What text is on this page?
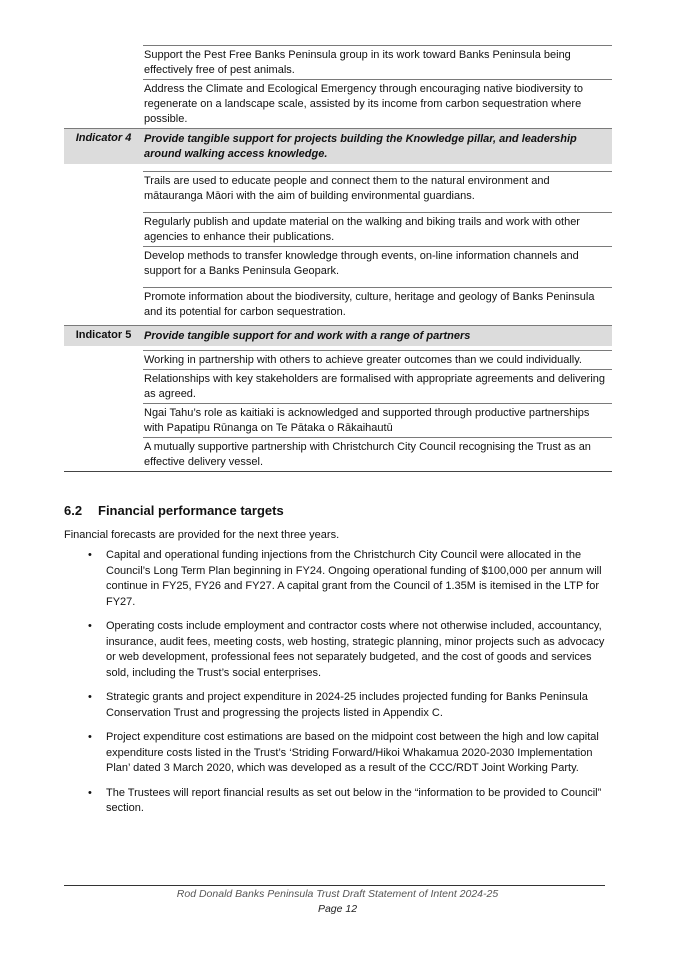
Support the Pest Free Banks Peninsula group in its work toward Banks Peninsula being effectively free of pest animals.
Address the Climate and Ecological Emergency through encouraging native biodiversity to regenerate on a landscape scale, assisted by its income from carbon sequestration where possible.
Indicator 4	Provide tangible support for projects building the Knowledge pillar, and leadership around walking access knowledge.
Trails are used to educate people and connect them to the natural environment and mātauranga Māori with the aim of building environmental guardians.
Regularly publish and update material on the walking and biking trails and work with other agencies to enhance their publications.
Develop methods to transfer knowledge through events, on-line information channels and support for a Banks Peninsula Geopark.
Promote information about the biodiversity, culture, heritage and geology of Banks Peninsula and its potential for carbon sequestration.
Indicator 5	Provide tangible support for and work with a range of partners
Working in partnership with others to achieve greater outcomes than we could individually.
Relationships with key stakeholders are formalised with appropriate agreements and delivering as agreed.
Ngai Tahu’s role as kaitiaki is acknowledged and supported through productive partnerships with Papatipu Rūnanga on Te Pātaka o Rākaihautū
A mutually supportive partnership with Christchurch City Council recognising the Trust as an effective delivery vessel.
6.2 Financial performance targets

Financial forecasts are provided for the next three years.

• Capital and operational funding injections from the Christchurch City Council were allocated in the Council’s Long Term Plan beginning in FY24. Ongoing operational funding of $100,000 per annum will continue in FY25, FY26 and FY27. A capital grant from the Council of 1.35M is itemised in the LTP for FY27.
• Operating costs include employment and contractor costs where not otherwise included, accountancy, insurance, audit fees, meeting costs, web hosting, strategic planning, minor projects such as advocacy or web development, professional fees not separately budgeted, and the cost of goods and services sold, including the Trust’s social enterprises.
• Strategic grants and project expenditure in 2024-25 includes projected funding for Banks Peninsula Conservation Trust and progressing the projects listed in Appendix C.
• Project expenditure cost estimations are based on the midpoint cost between the high and low capital expenditure costs listed in the Trust’s ‘Striding Forward/Hikoi Whakamua 2020-2030 Implementation Plan’ dated 3 March 2020, which was developed as a result of the CCC/RDT Joint Working Party.
• The Trustees will report financial results as set out below in the “information to be provided to Council” section.
Rod Donald Banks Peninsula Trust Draft Statement of Intent 2024-25
Page 12
